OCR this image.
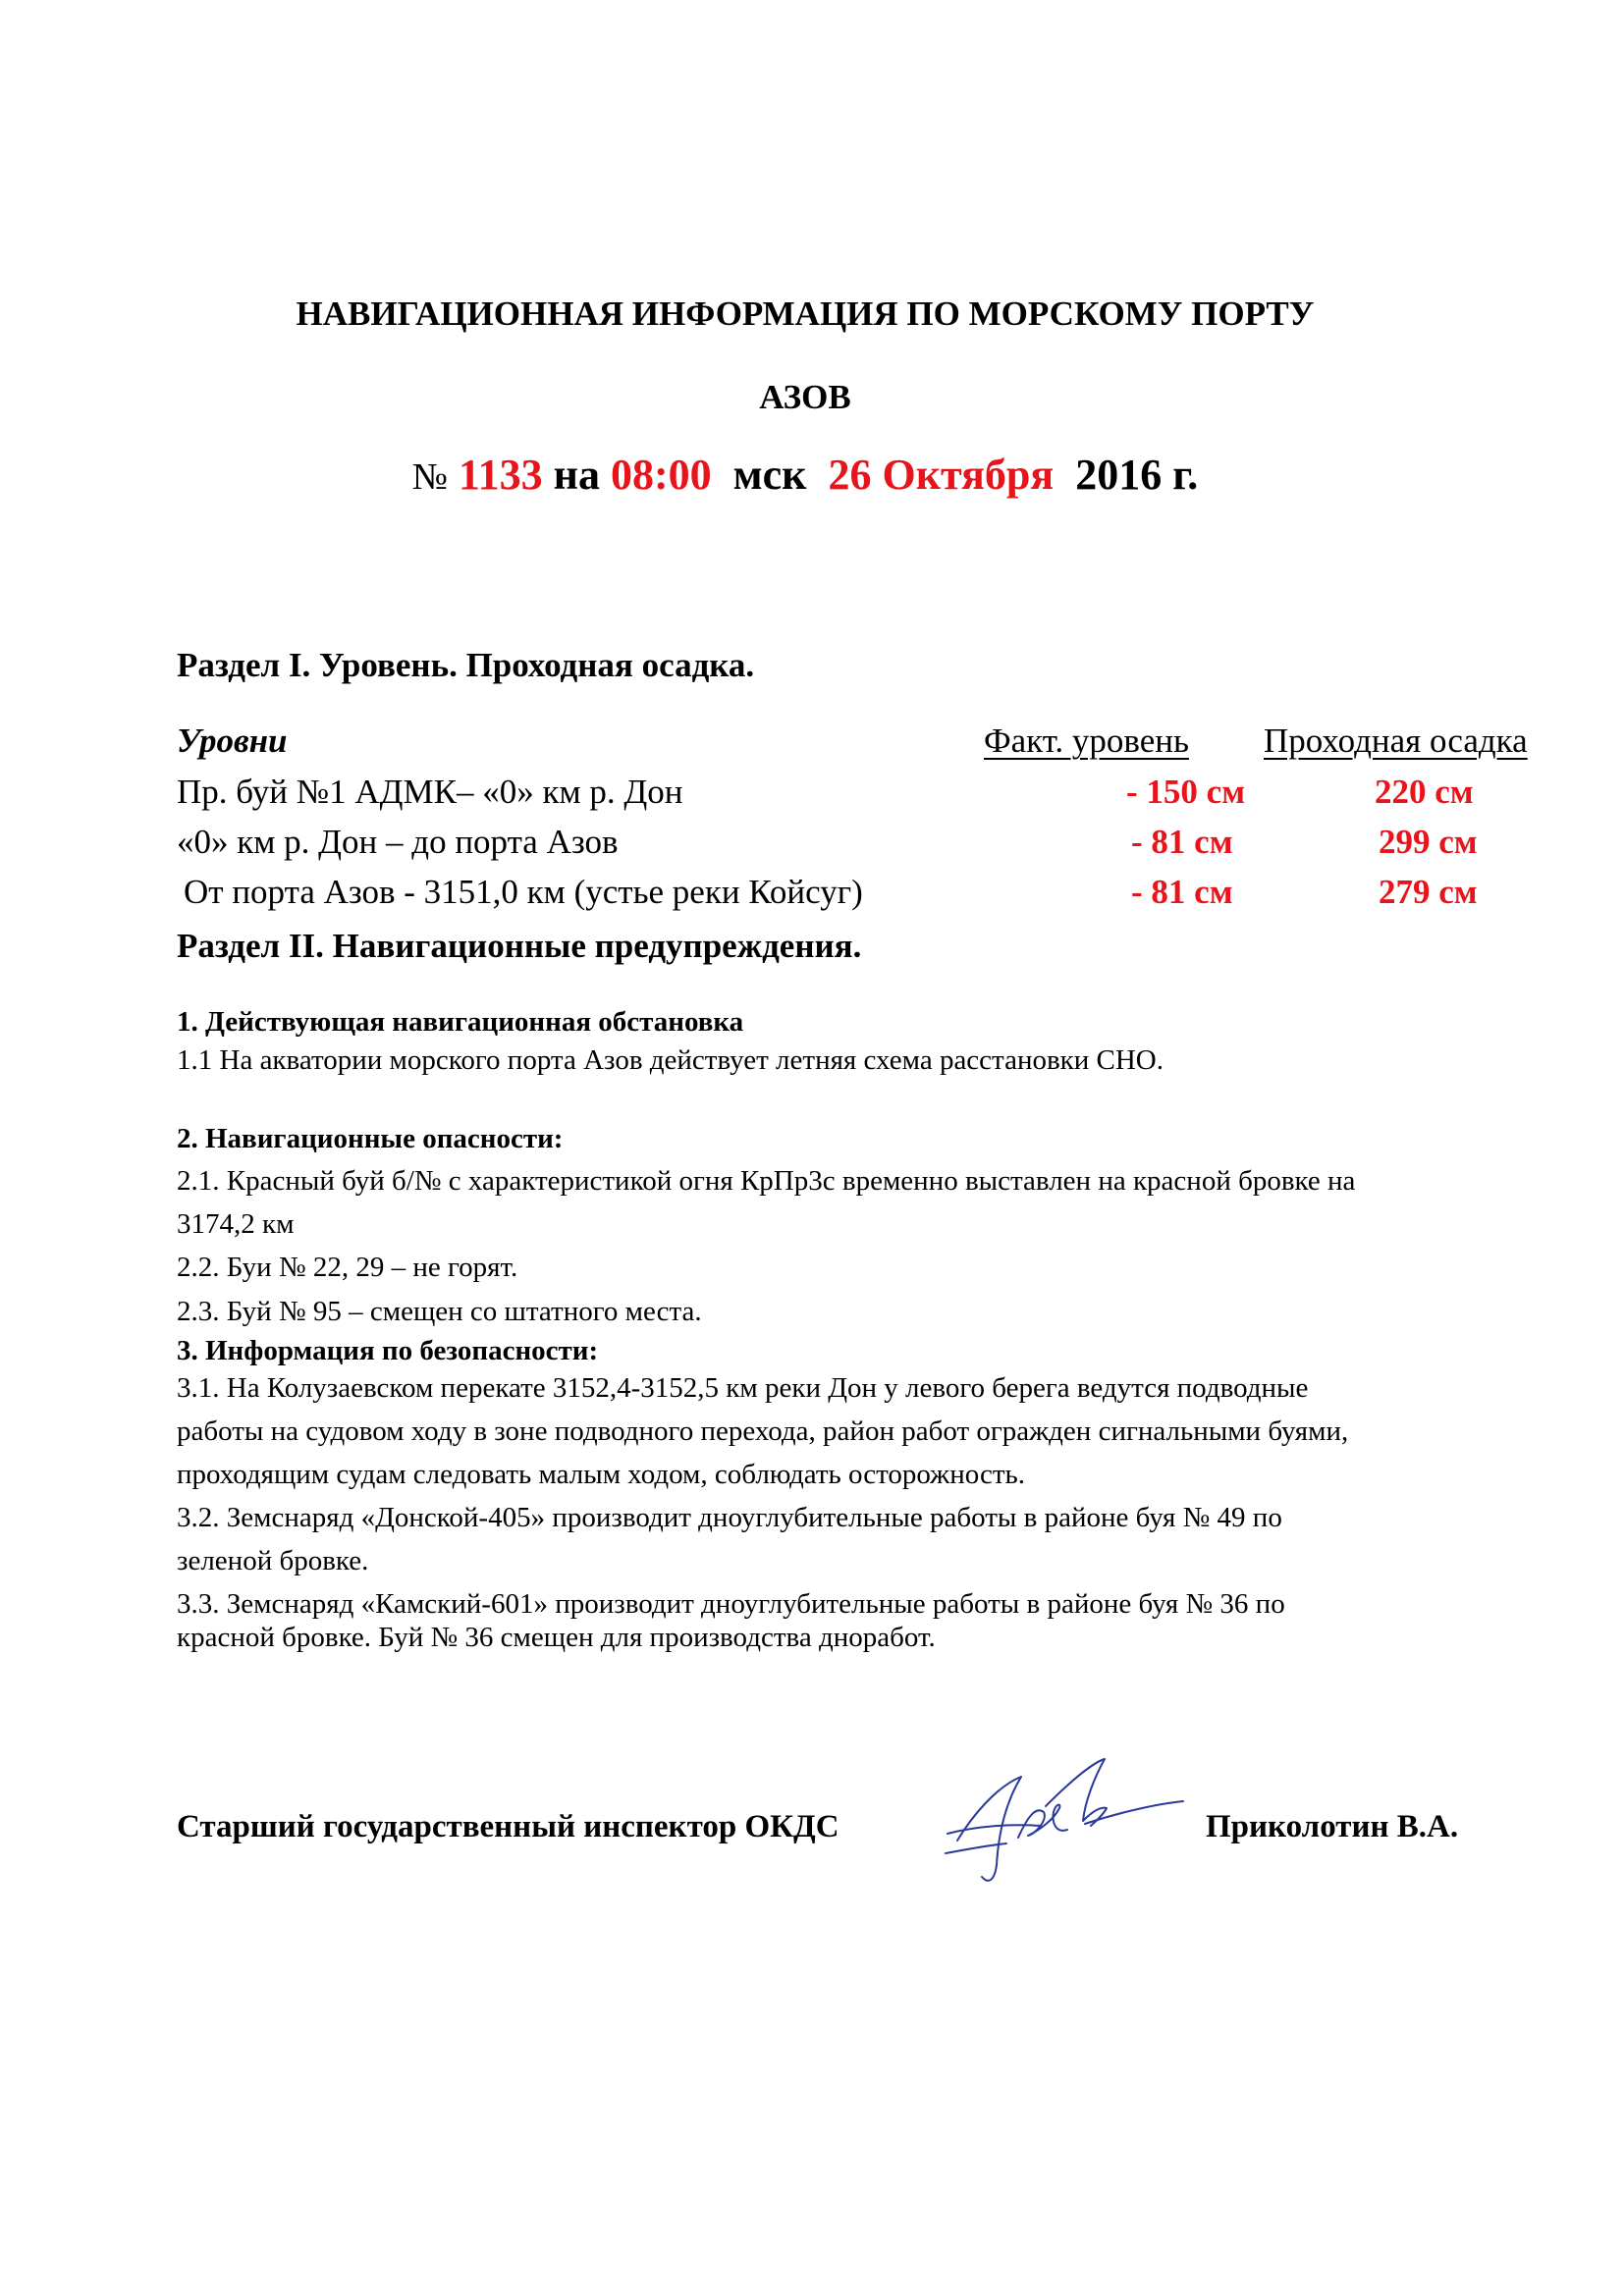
НАВИГАЦИОННАЯ ИНФОРМАЦИЯ ПО МОРСКОМУ ПОРТУ
АЗОВ
№ 1133 на 08:00 мск 26 Октября 2016 г.
Раздел I. Уровень. Проходная осадка.
Уровни	Факт. уровень Проходная осадка
Пр. буй №1 АДМК– «0» км р. Дон	- 150 см	220 см
«0» км р. Дон – до порта Азов	- 81 см	299 см
От порта Азов - 3151,0 км (устье реки Койсуг)	- 81 см	279 см
Раздел II. Навигационные предупреждения.
1. Действующая навигационная обстановка
1.1 На акватории морского порта Азов действует летняя схема расстановки СНО.
2. Навигационные опасности:
2.1. Красный буй б/№ с характеристикой огня КрПр3с временно выставлен на красной бровке на
3174,2 км
2.2. Буи № 22, 29 – не горят.
2.3. Буй № 95 – смещен со штатного места.
3. Информация по безопасности:
3.1. На Колузаевском перекате 3152,4-3152,5 км реки Дон у левого берега ведутся подводные
работы на судовом ходу в зоне подводного перехода, район работ огражден сигнальными буями,
проходящим судам следовать малым ходом, соблюдать осторожность.
3.2. Земснаряд «Донской-405» производит дноуглубительные работы в районе буя № 49 по
зеленой бровке.
3.3. Земснаряд «Камский-601» производит дноуглубительные работы в районе буя № 36 по
красной бровке. Буй № 36 смещен для производства дноработ.
Старший государственный инспектор ОКДС	Приколотин В.А.
